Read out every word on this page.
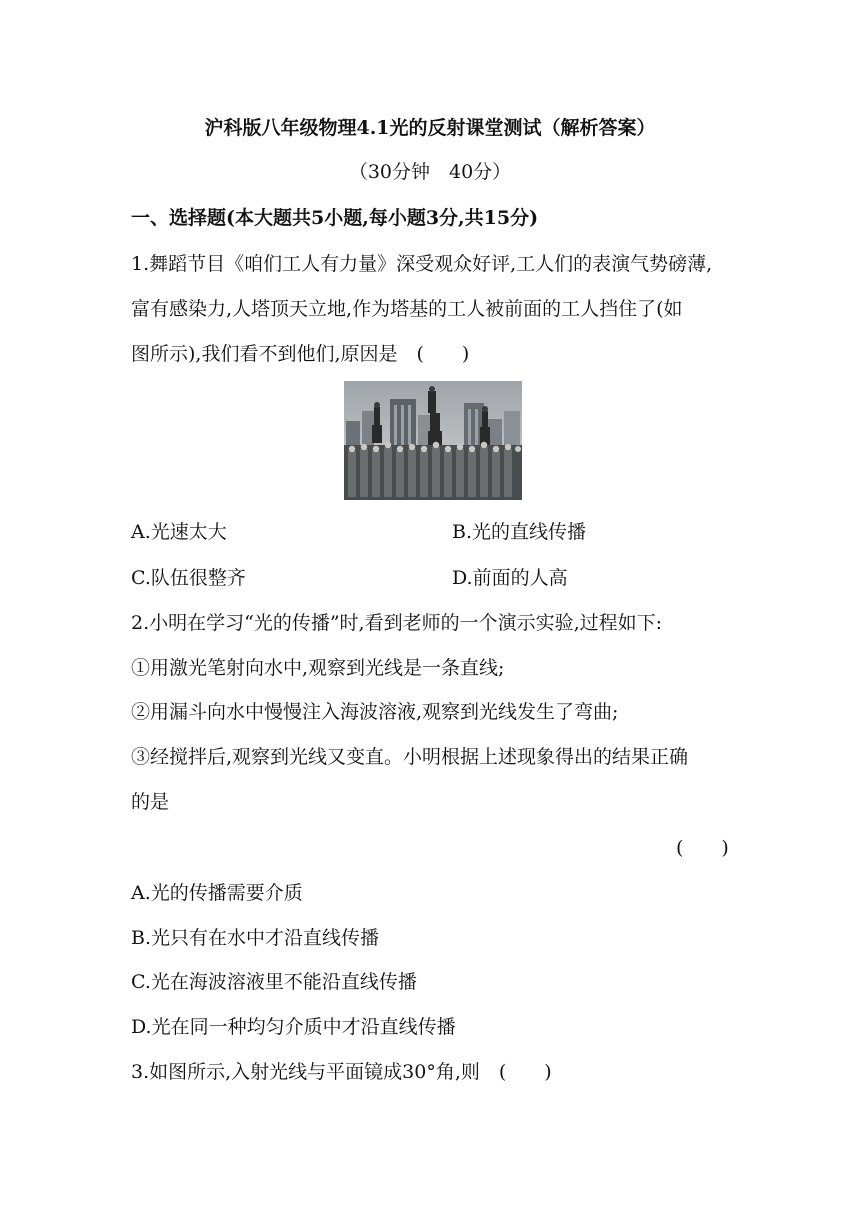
沪科版八年级物理4.1光的反射课堂测试（解析答案）
（30分钟　40分）
一、选择题(本大题共5小题,每小题3分,共15分)
1.舞蹈节目《咱们工人有力量》深受观众好评,工人们的表演气势磅薄,
富有感染力,人塔顶天立地,作为塔基的工人被前面的工人挡住了(如
图所示),我们看不到他们,原因是　(　　)
A.光速太大	B.光的直线传播
C.队伍很整齐	D.前面的人高
2.小明在学习“光的传播”时,看到老师的一个演示实验,过程如下:
①用激光笔射向水中,观察到光线是一条直线;
②用漏斗向水中慢慢注入海波溶液,观察到光线发生了弯曲;
③经搅拌后,观察到光线又变直。小明根据上述现象得出的结果正确
的是
(　　)
A.光的传播需要介质
B.光只有在水中才沿直线传播
C.光在海波溶液里不能沿直线传播
D.光在同一种均匀介质中才沿直线传播
3.如图所示,入射光线与平面镜成30°角,则　(　　)
